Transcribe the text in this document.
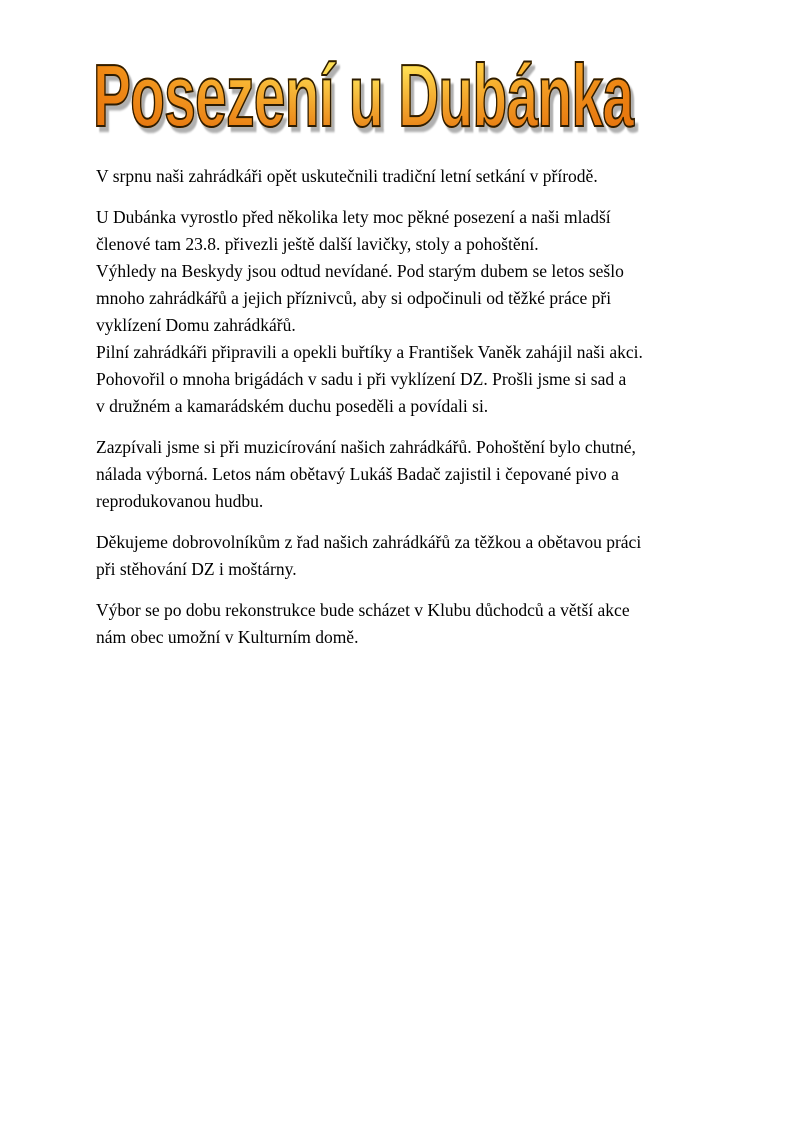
Posezení u Dubánka
V srpnu naši zahrádkáři opět uskutečnili tradiční letní setkání v přírodě.
U Dubánka vyrostlo před několika lety moc pěkné posezení a naši mladší
členové tam 23.8. přivezli ještě další lavičky, stoly a pohoštění.
Výhledy na Beskydy jsou odtud nevídané. Pod starým dubem se letos sešlo
mnoho zahrádkářů a jejich příznivců, aby si odpočinuli od těžké práce při
vyklízení Domu zahrádkářů.
Pilní zahrádkáři připravili a opekli buřtíky a František Vaněk zahájil naši akci.
Pohovořil o mnoha brigádách v sadu i při vyklízení DZ. Prošli jsme si sad a
v družném a kamarádském duchu poseděli a povídali si.
Zazpívali jsme si při muzicírování našich zahrádkářů. Pohoštění bylo chutné,
nálada výborná. Letos nám obětavý Lukáš Badač zajistil i čepované pivo a
reprodukovanou hudbu.
Děkujeme dobrovolníkům z řad našich zahrádkářů za těžkou a obětavou práci
při stěhování DZ i moštárny.
Výbor se po dobu rekonstrukce bude scházet v Klubu důchodců a větší akce
nám obec umožní v Kulturním domě.
